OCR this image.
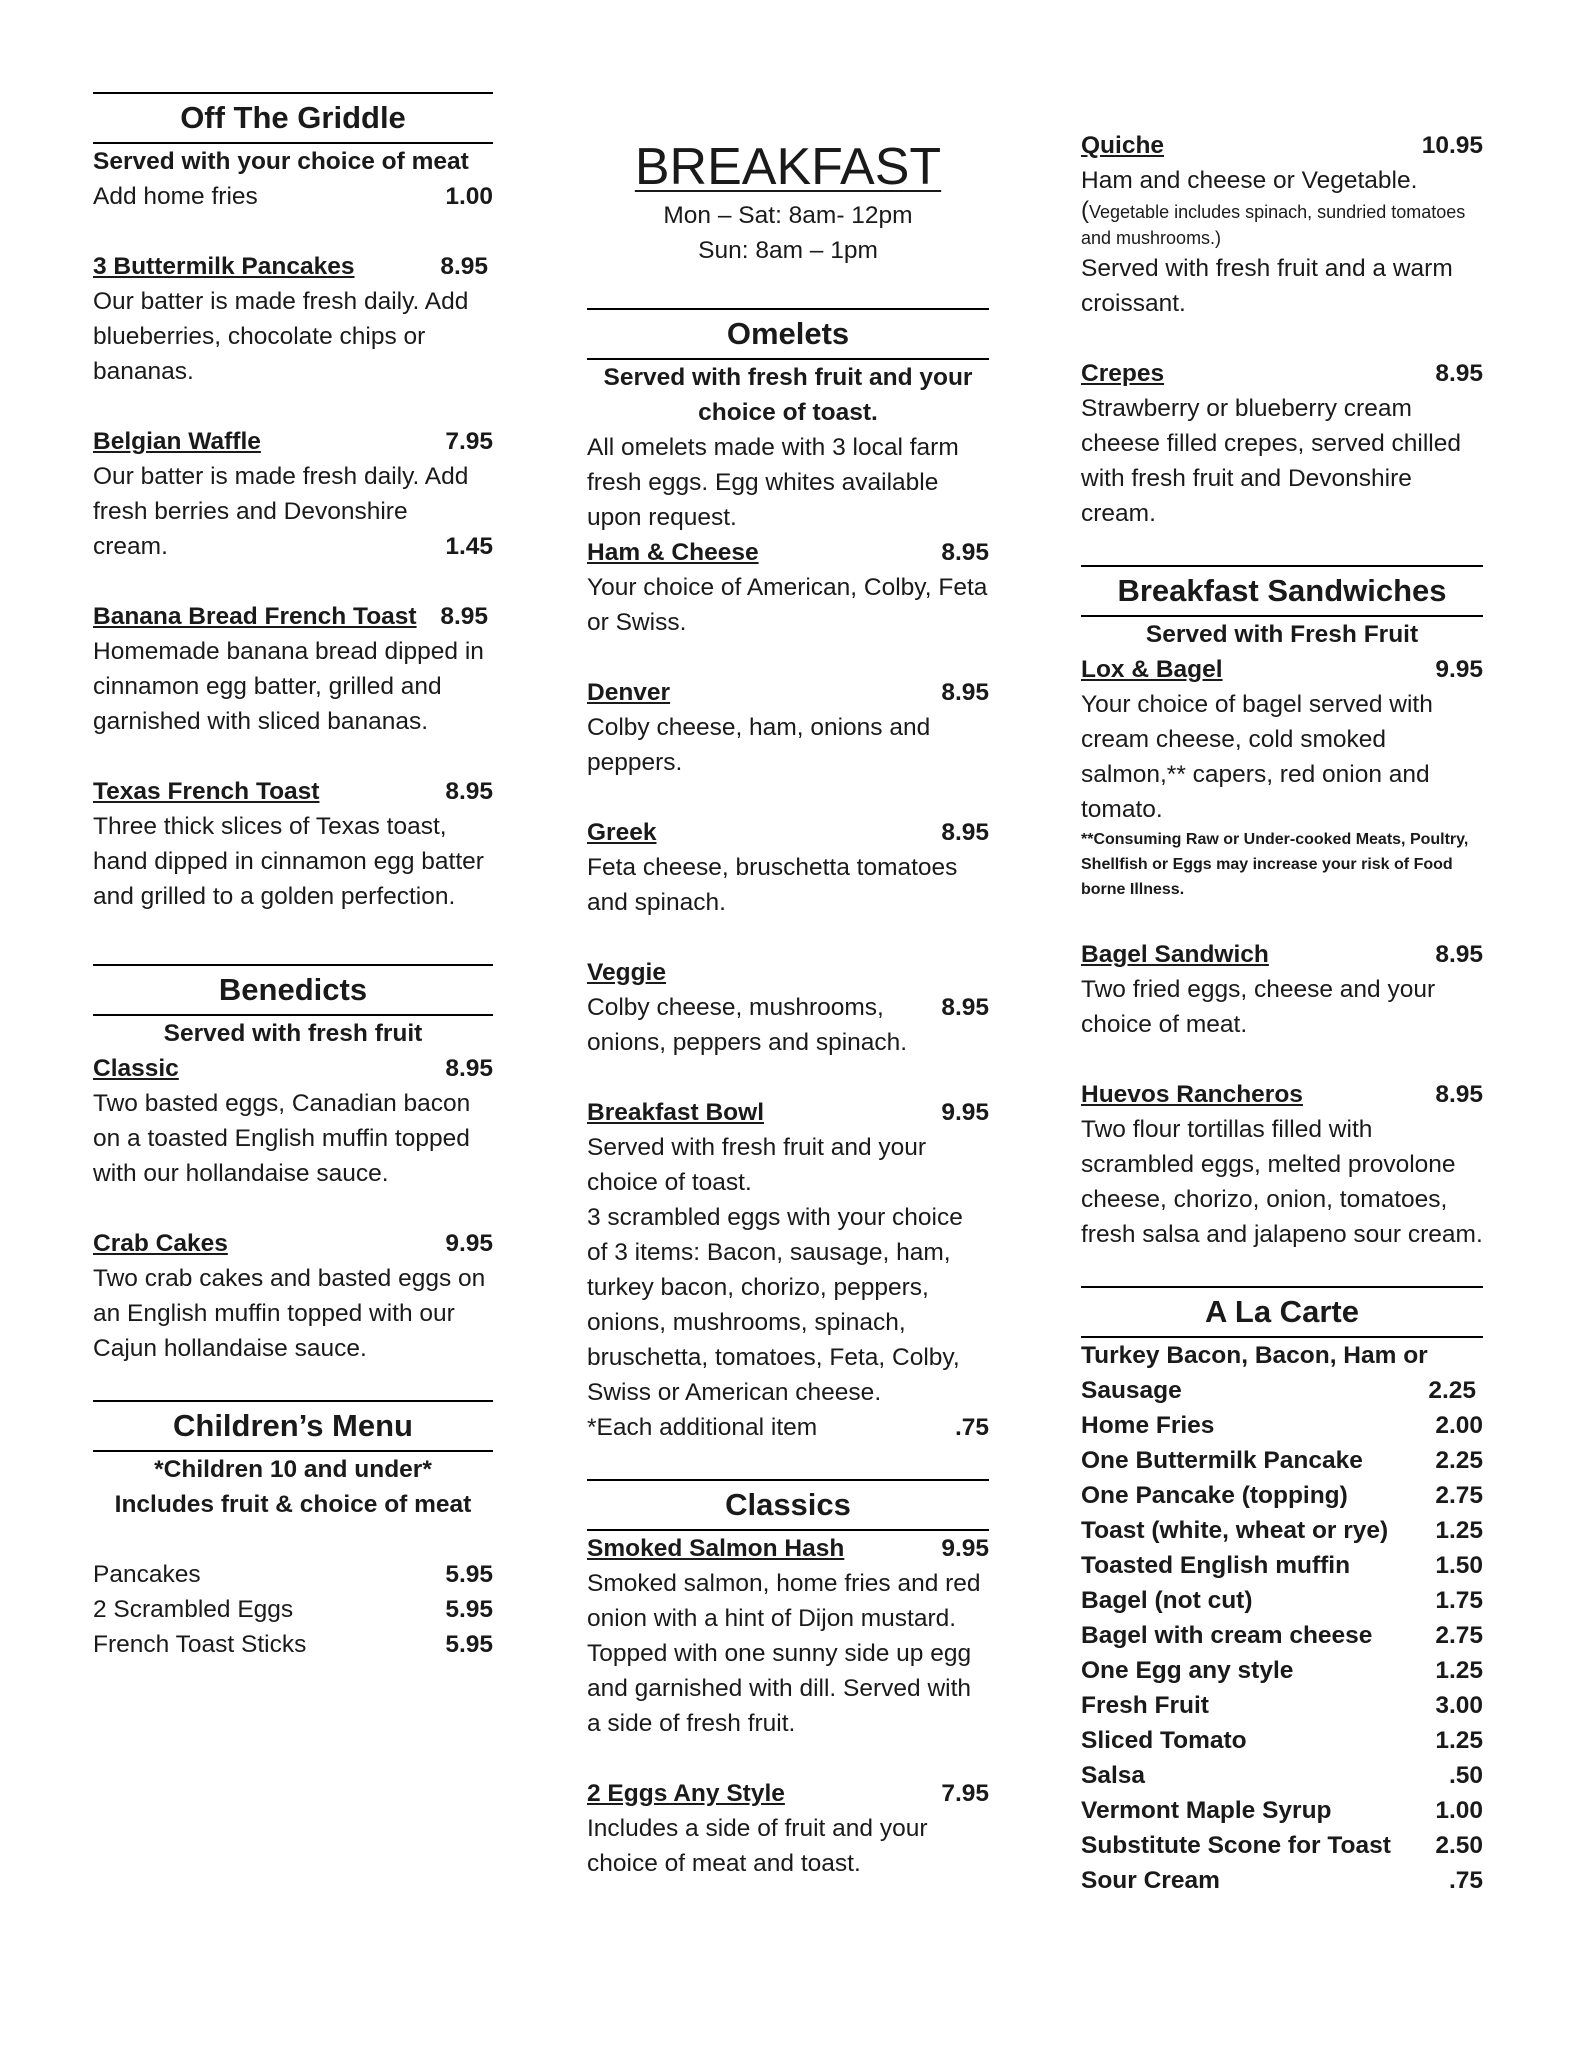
Off The Griddle
Served with your choice of meat
Add home fries	1.00
3 Buttermilk Pancakes	8.95
Our batter is made fresh daily. Add blueberries, chocolate chips or bananas.
Belgian Waffle	7.95
Our batter is made fresh daily. Add fresh berries and Devonshire
cream.	1.45
Banana Bread French Toast 8.95
Homemade banana bread dipped in cinnamon egg batter, grilled and garnished with sliced bananas.
Texas French Toast	8.95
Three thick slices of Texas toast, hand dipped in cinnamon egg batter and grilled to a golden perfection.
Benedicts
Served with fresh fruit
Classic	8.95
Two basted eggs, Canadian bacon on a toasted English muffin topped with our hollandaise sauce.
Crab Cakes	9.95
Two crab cakes and basted eggs on an English muffin topped with our Cajun hollandaise sauce.
Children’s Menu
*Children 10 and under*
Includes fruit & choice of meat
Pancakes	5.95
2 Scrambled Eggs	5.95
French Toast Sticks	5.95
BREAKFAST
Mon – Sat: 8am- 12pm
Sun: 8am – 1pm
Omelets
Served with fresh fruit and your choice of toast.
All omelets made with 3 local farm fresh eggs. Egg whites available upon request.
Ham & Cheese	8.95
Your choice of American, Colby, Feta or Swiss.
Denver	8.95
Colby cheese, ham, onions and peppers.
Greek	8.95
Feta cheese, bruschetta tomatoes and spinach.
Veggie
Colby cheese, mushrooms, 8.95
onions, peppers and spinach.
Breakfast Bowl	9.95
Served with fresh fruit and your choice of toast.
3 scrambled eggs with your choice of 3 items: Bacon, sausage, ham, turkey bacon, chorizo, peppers, onions, mushrooms, spinach, bruschetta, tomatoes, Feta, Colby, Swiss or American cheese.
*Each additional item	.75
Classics
Smoked Salmon Hash	9.95
Smoked salmon, home fries and red onion with a hint of Dijon mustard. Topped with one sunny side up egg and garnished with dill. Served with a side of fresh fruit.
2 Eggs Any Style	7.95
Includes a side of fruit and your choice of meat and toast.
Quiche	10.95
Ham and cheese or Vegetable.
(Vegetable includes spinach, sundried tomatoes and mushrooms.)
Served with fresh fruit and a warm croissant.
Crepes	8.95
Strawberry or blueberry cream cheese filled crepes, served chilled with fresh fruit and Devonshire cream.
Breakfast Sandwiches
Served with Fresh Fruit
Lox & Bagel	9.95
Your choice of bagel served with cream cheese, cold smoked salmon,** capers, red onion and tomato.
**Consuming Raw or Under-cooked Meats, Poultry, Shellfish or Eggs may increase your risk of Food borne Illness.
Bagel Sandwich	8.95
Two fried eggs, cheese and your choice of meat.
Huevos Rancheros	8.95
Two flour tortillas filled with scrambled eggs, melted provolone cheese, chorizo, onion, tomatoes, fresh salsa and jalapeno sour cream.
A La Carte
Turkey Bacon, Bacon, Ham or
Sausage	2.25
Home Fries	2.00
One Buttermilk Pancake	2.25
One Pancake (topping)	2.75
Toast (white, wheat or rye) 1.25
Toasted English muffin	1.50
Bagel (not cut)	1.75
Bagel with cream cheese	2.75
One Egg any style	1.25
Fresh Fruit	3.00
Sliced Tomato	1.25
Salsa	.50
Vermont Maple Syrup	1.00
Substitute Scone for Toast 2.50
Sour Cream	.75
